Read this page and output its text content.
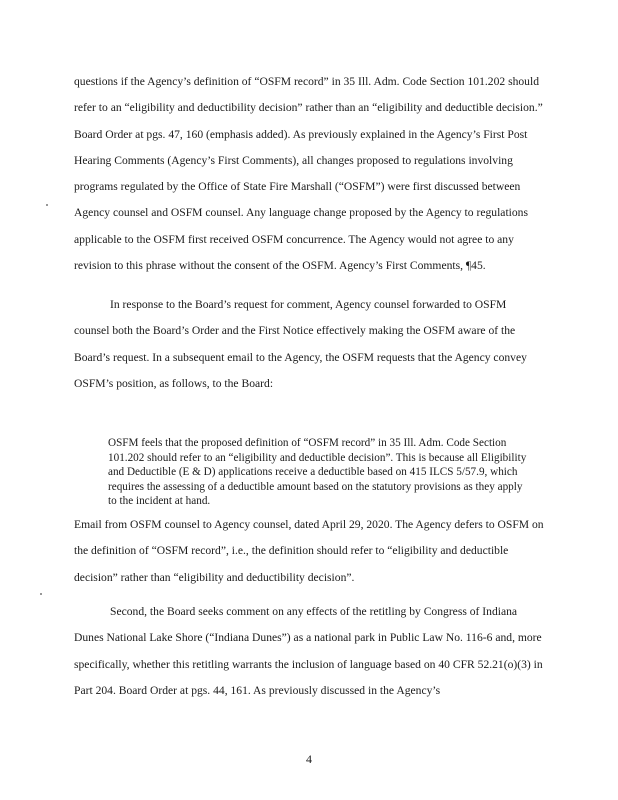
questions if the Agency’s definition of “OSFM record” in 35 Ill. Adm. Code Section 101.202 should refer to an “eligibility and deductibility decision” rather than an “eligibility and deductible decision.” Board Order at pgs. 47, 160 (emphasis added). As previously explained in the Agency’s First Post Hearing Comments (Agency’s First Comments), all changes proposed to regulations involving programs regulated by the Office of State Fire Marshall (“OSFM”) were first discussed between Agency counsel and OSFM counsel. Any language change proposed by the Agency to regulations applicable to the OSFM first received OSFM concurrence. The Agency would not agree to any revision to this phrase without the consent of the OSFM. Agency’s First Comments, ¶45.

In response to the Board’s request for comment, Agency counsel forwarded to OSFM counsel both the Board’s Order and the First Notice effectively making the OSFM aware of the Board’s request. In a subsequent email to the Agency, the OSFM requests that the Agency convey OSFM’s position, as follows, to the Board:

OSFM feels that the proposed definition of “OSFM record” in 35 Ill. Adm. Code Section 101.202 should refer to an “eligibility and deductible decision”. This is because all Eligibility and Deductible (E & D) applications receive a deductible based on 415 ILCS 5/57.9, which requires the assessing of a deductible amount based on the statutory provisions as they apply to the incident at hand.

Email from OSFM counsel to Agency counsel, dated April 29, 2020. The Agency defers to OSFM on the definition of “OSFM record”, i.e., the definition should refer to “eligibility and deductible decision” rather than “eligibility and deductibility decision”.

Second, the Board seeks comment on any effects of the retitling by Congress of Indiana Dunes National Lake Shore (“Indiana Dunes”) as a national park in Public Law No. 116-6 and, more specifically, whether this retitling warrants the inclusion of language based on 40 CFR 52.21(o)(3) in Part 204. Board Order at pgs. 44, 161. As previously discussed in the Agency’s

4
